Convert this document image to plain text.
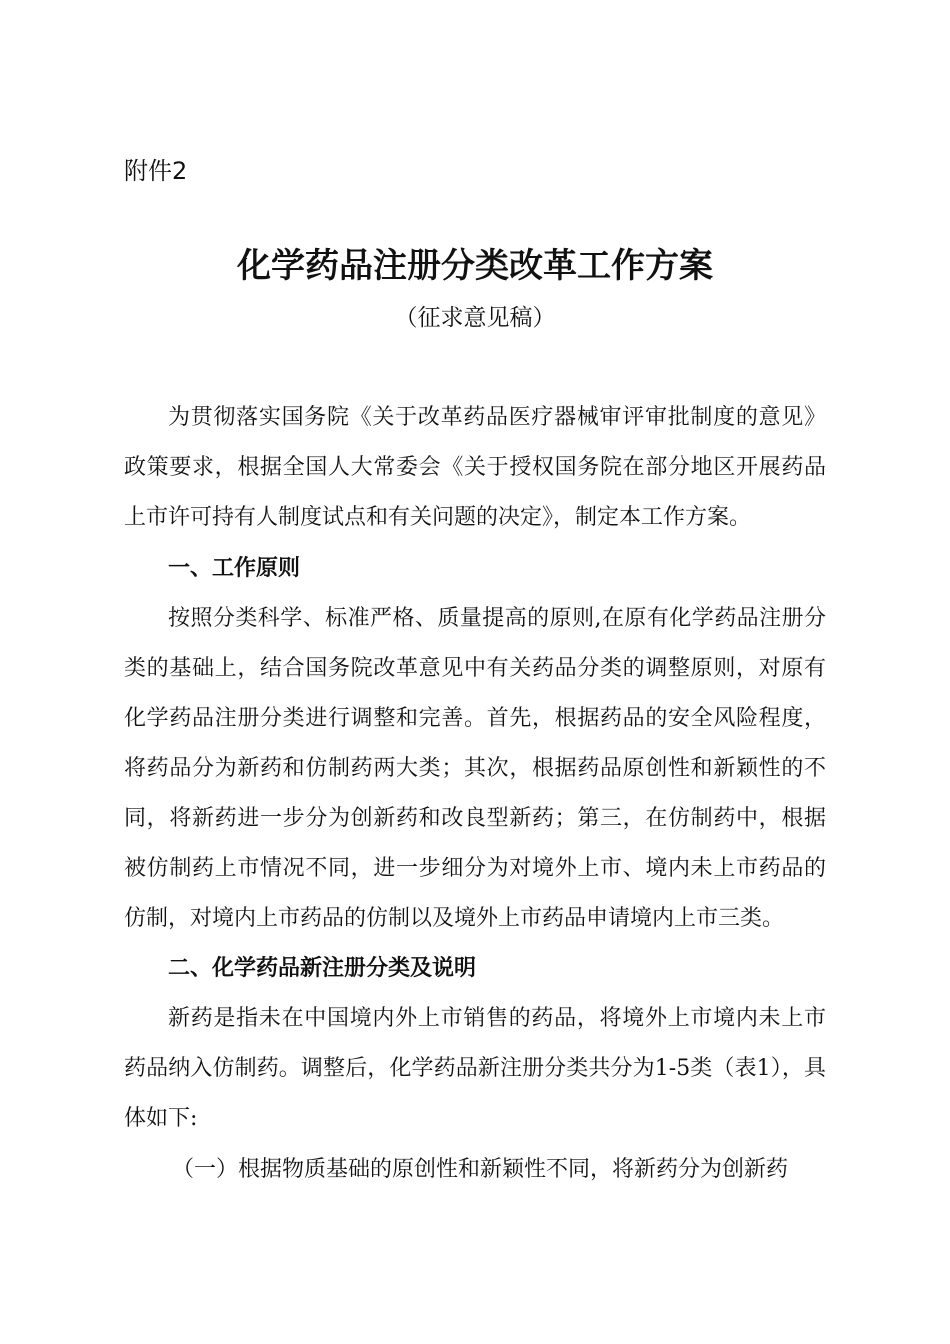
附件2
化学药品注册分类改革工作方案
（征求意见稿）

为贯彻落实国务院《关于改革药品医疗器械审评审批制度的意见》政策要求，根据全国人大常委会《关于授权国务院在部分地区开展药品上市许可持有人制度试点和有关问题的决定》，制定本工作方案。

一、工作原则

按照分类科学、标准严格、质量提高的原则,在原有化学药品注册分类的基础上，结合国务院改革意见中有关药品分类的调整原则，对原有化学药品注册分类进行调整和完善。首先，根据药品的安全风险程度，将药品分为新药和仿制药两大类；其次，根据药品原创性和新颖性的不同，将新药进一步分为创新药和改良型新药；第三，在仿制药中，根据被仿制药上市情况不同，进一步细分为对境外上市、境内未上市药品的仿制，对境内上市药品的仿制以及境外上市药品申请境内上市三类。

二、化学药品新注册分类及说明

新药是指未在中国境内外上市销售的药品，将境外上市境内未上市药品纳入仿制药。调整后，化学药品新注册分类共分为1-5类（表1），具体如下:

（一）根据物质基础的原创性和新颖性不同，将新药分为创新药
